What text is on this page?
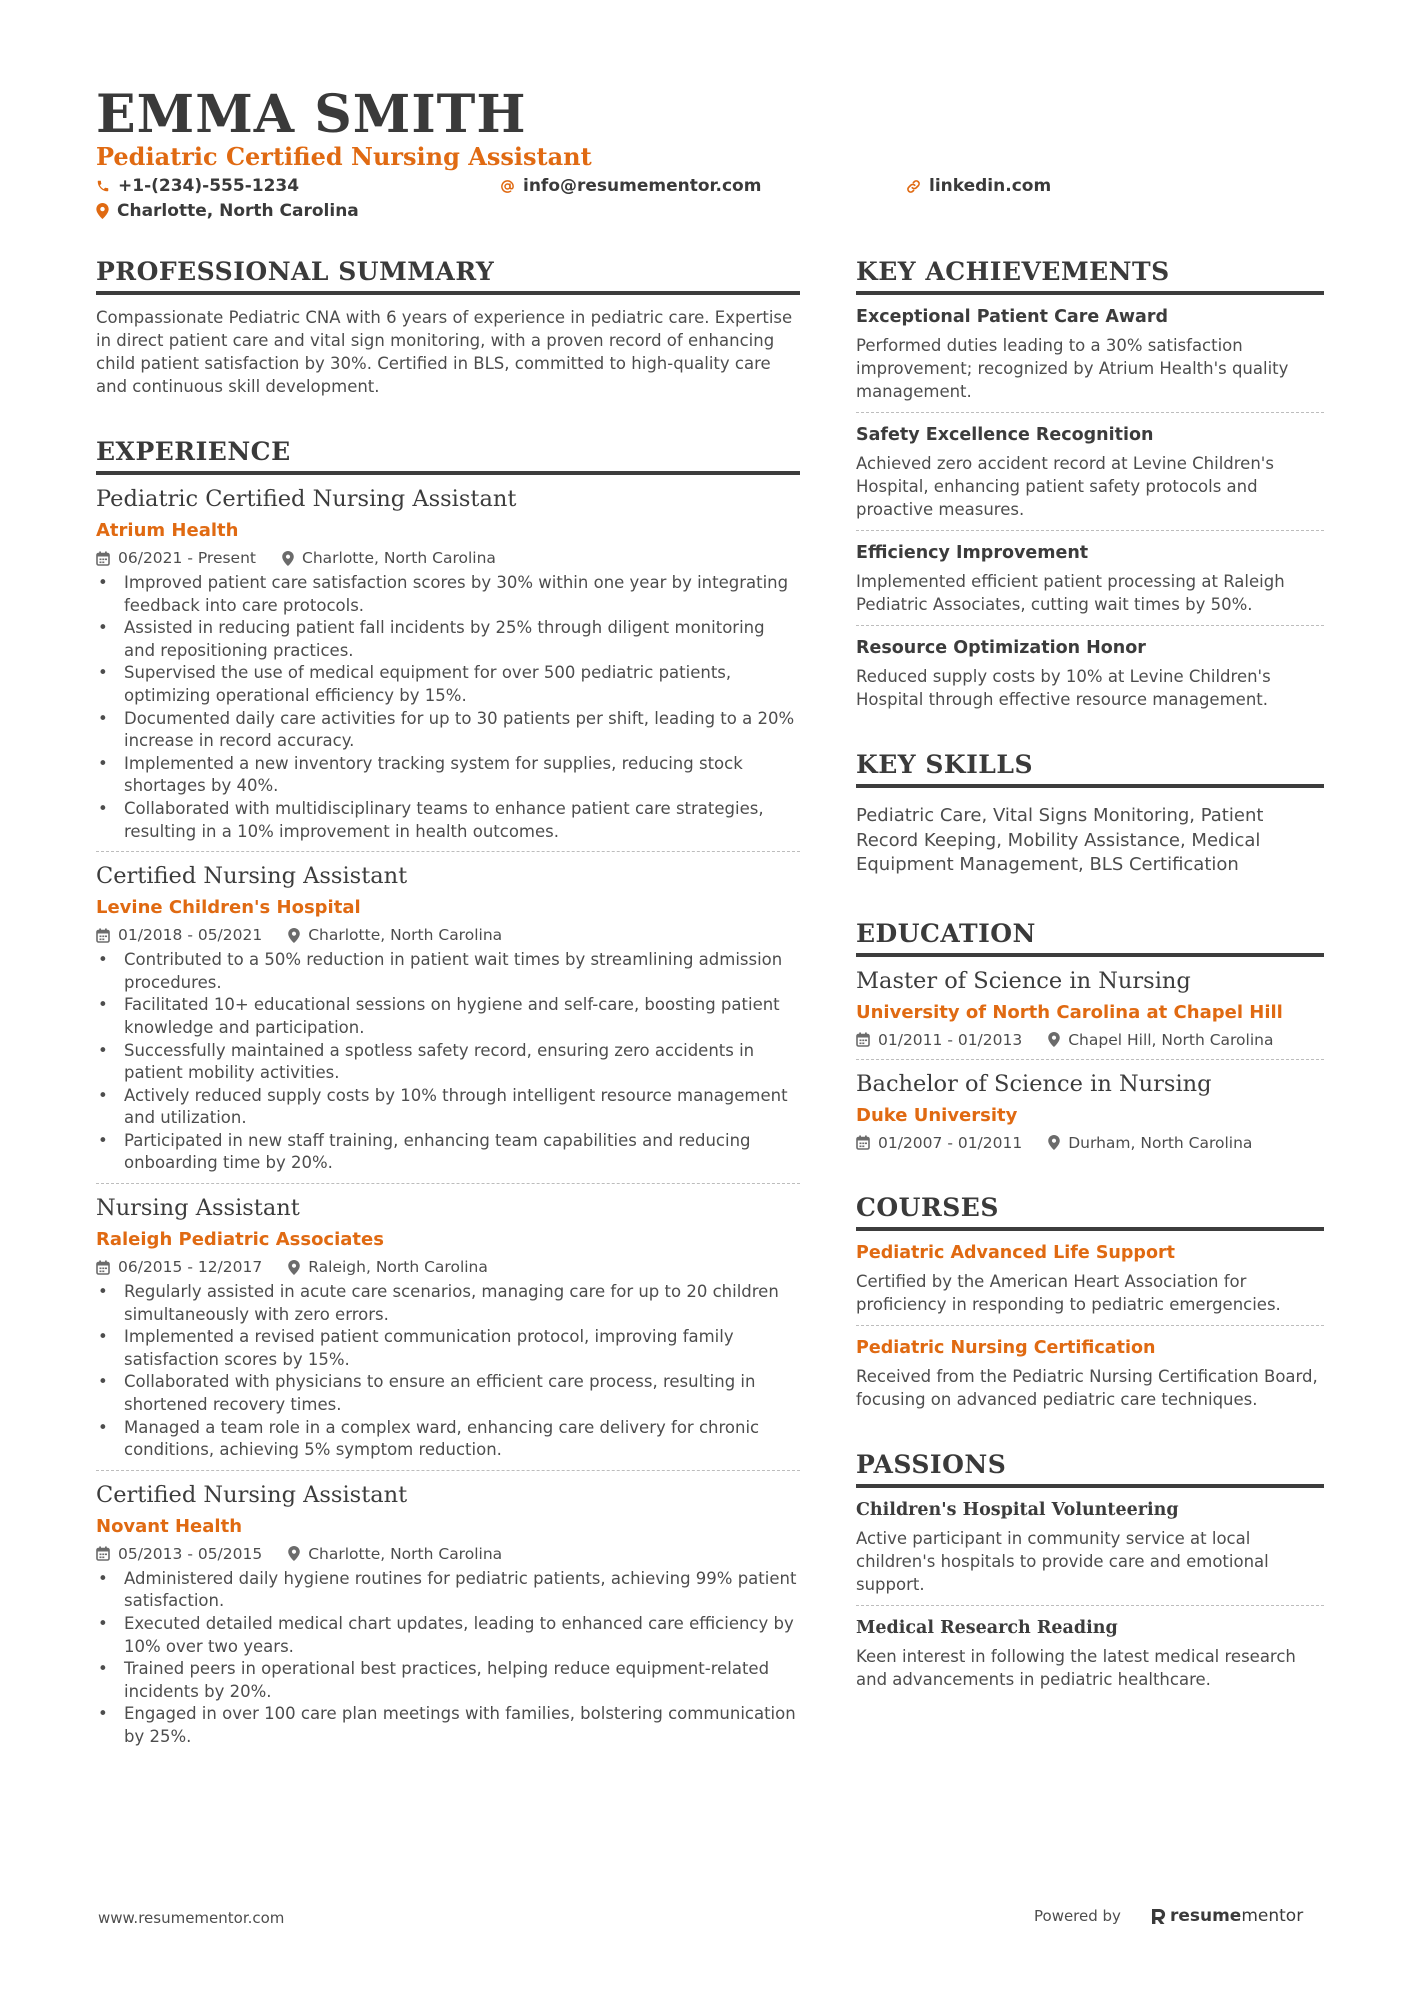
EMMA SMITH
Pediatric Certified Nursing Assistant
+1-(234)-555-1234	info@resumementor.com	linkedin.com
Charlotte, North Carolina
PROFESSIONAL SUMMARY
Compassionate Pediatric CNA with 6 years of experience in pediatric care. Expertise in direct patient care and vital sign monitoring, with a proven record of enhancing child patient satisfaction by 30%. Certified in BLS, committed to high-quality care and continuous skill development.
EXPERIENCE
Pediatric Certified Nursing Assistant
Atrium Health
06/2021 - Present	Charlotte, North Carolina
• Improved patient care satisfaction scores by 30% within one year by integrating feedback into care protocols.
• Assisted in reducing patient fall incidents by 25% through diligent monitoring and repositioning practices.
• Supervised the use of medical equipment for over 500 pediatric patients, optimizing operational efficiency by 15%.
• Documented daily care activities for up to 30 patients per shift, leading to a 20% increase in record accuracy.
• Implemented a new inventory tracking system for supplies, reducing stock shortages by 40%.
• Collaborated with multidisciplinary teams to enhance patient care strategies, resulting in a 10% improvement in health outcomes.
Certified Nursing Assistant
Levine Children's Hospital
01/2018 - 05/2021	Charlotte, North Carolina
• Contributed to a 50% reduction in patient wait times by streamlining admission procedures.
• Facilitated 10+ educational sessions on hygiene and self-care, boosting patient knowledge and participation.
• Successfully maintained a spotless safety record, ensuring zero accidents in patient mobility activities.
• Actively reduced supply costs by 10% through intelligent resource management and utilization.
• Participated in new staff training, enhancing team capabilities and reducing onboarding time by 20%.
Nursing Assistant
Raleigh Pediatric Associates
06/2015 - 12/2017	Raleigh, North Carolina
• Regularly assisted in acute care scenarios, managing care for up to 20 children simultaneously with zero errors.
• Implemented a revised patient communication protocol, improving family satisfaction scores by 15%.
• Collaborated with physicians to ensure an efficient care process, resulting in shortened recovery times.
• Managed a team role in a complex ward, enhancing care delivery for chronic conditions, achieving 5% symptom reduction.
Certified Nursing Assistant
Novant Health
05/2013 - 05/2015	Charlotte, North Carolina
• Administered daily hygiene routines for pediatric patients, achieving 99% patient satisfaction.
• Executed detailed medical chart updates, leading to enhanced care efficiency by 10% over two years.
• Trained peers in operational best practices, helping reduce equipment-related incidents by 20%.
• Engaged in over 100 care plan meetings with families, bolstering communication by 25%.
KEY ACHIEVEMENTS
Exceptional Patient Care Award
Performed duties leading to a 30% satisfaction improvement; recognized by Atrium Health's quality management.
Safety Excellence Recognition
Achieved zero accident record at Levine Children's Hospital, enhancing patient safety protocols and proactive measures.
Efficiency Improvement
Implemented efficient patient processing at Raleigh Pediatric Associates, cutting wait times by 50%.
Resource Optimization Honor
Reduced supply costs by 10% at Levine Children's Hospital through effective resource management.
KEY SKILLS
Pediatric Care, Vital Signs Monitoring, Patient Record Keeping, Mobility Assistance, Medical Equipment Management, BLS Certification
EDUCATION
Master of Science in Nursing
University of North Carolina at Chapel Hill
01/2011 - 01/2013	Chapel Hill, North Carolina
Bachelor of Science in Nursing
Duke University
01/2007 - 01/2011	Durham, North Carolina
COURSES
Pediatric Advanced Life Support
Certified by the American Heart Association for proficiency in responding to pediatric emergencies.
Pediatric Nursing Certification
Received from the Pediatric Nursing Certification Board, focusing on advanced pediatric care techniques.
PASSIONS
Children's Hospital Volunteering
Active participant in community service at local children's hospitals to provide care and emotional support.
Medical Research Reading
Keen interest in following the latest medical research and advancements in pediatric healthcare.
www.resumementor.com	Powered by	resume mentor
